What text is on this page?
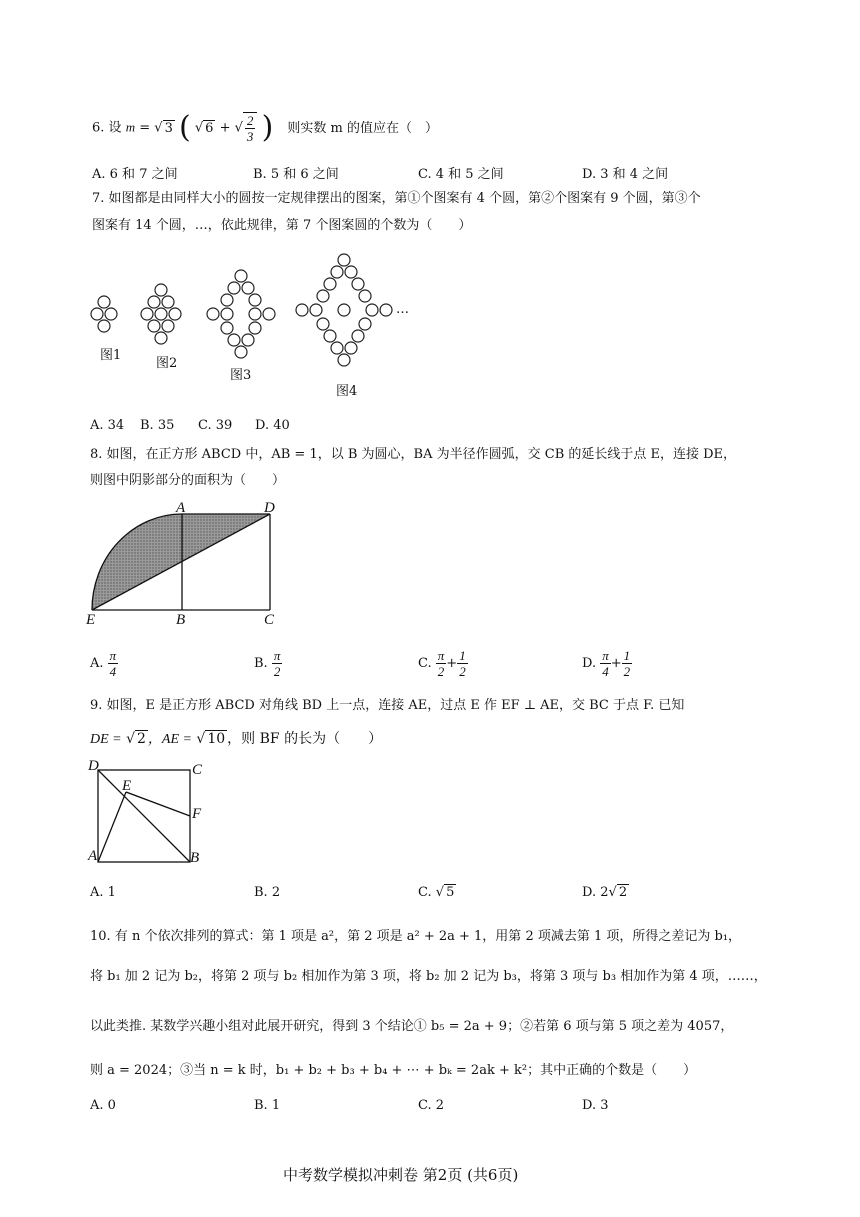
6. 设 m = √ 3 ( √ 6 + √ $\frac{2}{3}$ ) 则实数 m 的值应在（　）
A. 6 和 7 之间	B. 5 和 6 之间	C. 4 和 5 之间	D. 3 和 4 之间
7. 如图都是由同样大小的圆按一定规律摆出的图案，第①个图案有 4 个圆，第②个图案有 9 个圆，第③个
图案有 14 个圆，…，依此规律，第 7 个图案圆的个数为（　　）
…
图1
图2
图3
图4
A. 34 B. 35 C. 39 D. 40
8. 如图，在正方形 ABCD 中，AB = 1，以 B 为圆心，BA 为半径作圆弧，交 CB 的延长线于点 E，连接 DE，
则图中阴影部分的面积为（　　）
A	D
E	B	C
A. $\frac{\pi}{4}$	B. $\frac{\pi}{2}$	C. $\frac{\pi}{2} + \frac{1}{2}$	D. $\frac{\pi}{4} + \frac{1}{2}$
9. 如图，E 是正方形 ABCD 对角线 BD 上一点，连接 AE，过点 E 作 EF ⊥ AE，交 BC 于点 F. 已知
DE = √ 2 ，AE = √ 10 ，则 BF 的长为（　　）
D	C
E
F
A	B
A. 1	B. 2	C. √ 5	D. 2√ 2
10. 有 n 个依次排列的算式：第 1 项是 a²，第 2 项是 a² + 2a + 1，用第 2 项减去第 1 项，所得之差记为 b₁，
将 b₁ 加 2 记为 b₂，将第 2 项与 b₂ 相加作为第 3 项，将 b₂ 加 2 记为 b₃，将第 3 项与 b₃ 相加作为第 4 项，……，
以此类推. 某数学兴趣小组对此展开研究，得到 3 个结论① b₅ = 2a + 9；②若第 6 项与第 5 项之差为 4057，
则 a = 2024；③当 n = k 时，b₁ + b₂ + b₃ + b₄ + ⋯ + bₖ = 2ak + k²；其中正确的个数是（　　）
A. 0	B. 1	C. 2	D. 3
中考数学模拟冲刺卷 第2页 (共6页)
